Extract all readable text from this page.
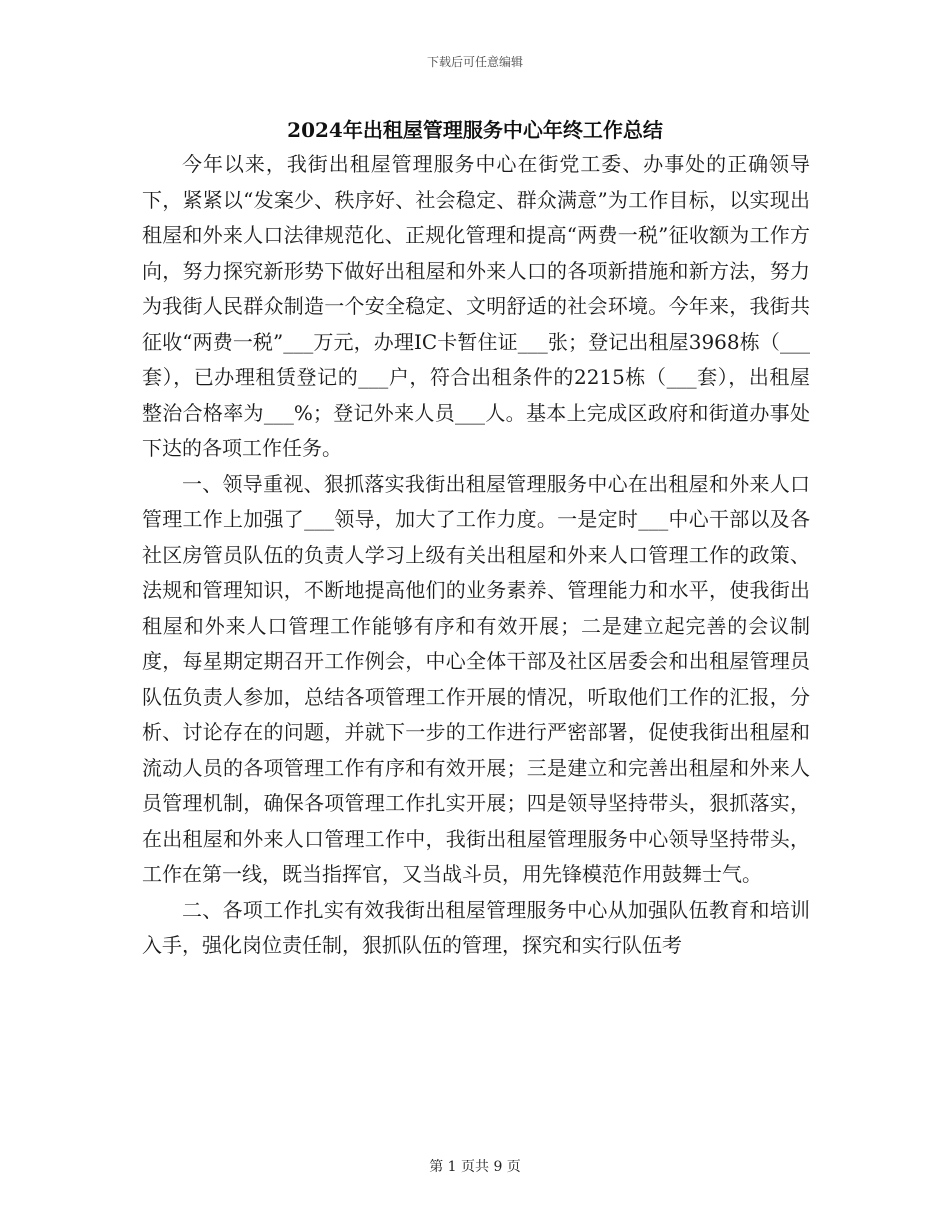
下载后可任意编辑
2024年出租屋管理服务中心年终工作总结

今年以来，我街出租屋管理服务中心在街党工委、办事处的正确领导下，紧紧以“发案少、秩序好、社会稳定、群众满意”为工作目标，以实现出租屋和外来人口法律规范化、正规化管理和提高“两费一税”征收额为工作方向，努力探究新形势下做好出租屋和外来人口的各项新措施和新方法，努力为我街人民群众制造一个安全稳定、文明舒适的社会环境。今年来，我街共征收“两费一税”___万元，办理IC卡暂住证___张；登记出租屋3968栋（___套），已办理租赁登记的___户，符合出租条件的2215栋（___套），出租屋整治合格率为___%；登记外来人员___人。基本上完成区政府和街道办事处下达的各项工作任务。

一、领导重视、狠抓落实我街出租屋管理服务中心在出租屋和外来人口管理工作上加强了___领导，加大了工作力度。一是定时___中心干部以及各社区房管员队伍的负责人学习上级有关出租屋和外来人口管理工作的政策、法规和管理知识，不断地提高他们的业务素养、管理能力和水平，使我街出租屋和外来人口管理工作能够有序和有效开展；二是建立起完善的会议制度，每星期定期召开工作例会，中心全体干部及社区居委会和出租屋管理员队伍负责人参加，总结各项管理工作开展的情况，听取他们工作的汇报，分析、讨论存在的问题，并就下一步的工作进行严密部署，促使我街出租屋和流动人员的各项管理工作有序和有效开展；三是建立和完善出租屋和外来人员管理机制，确保各项管理工作扎实开展；四是领导坚持带头，狠抓落实，在出租屋和外来人口管理工作中，我街出租屋管理服务中心领导坚持带头，工作在第一线，既当指挥官，又当战斗员，用先锋模范作用鼓舞士气。

二、各项工作扎实有效我街出租屋管理服务中心从加强队伍教育和培训入手，强化岗位责任制，狠抓队伍的管理，探究和实行队伍考

第 1 页共 9 页
